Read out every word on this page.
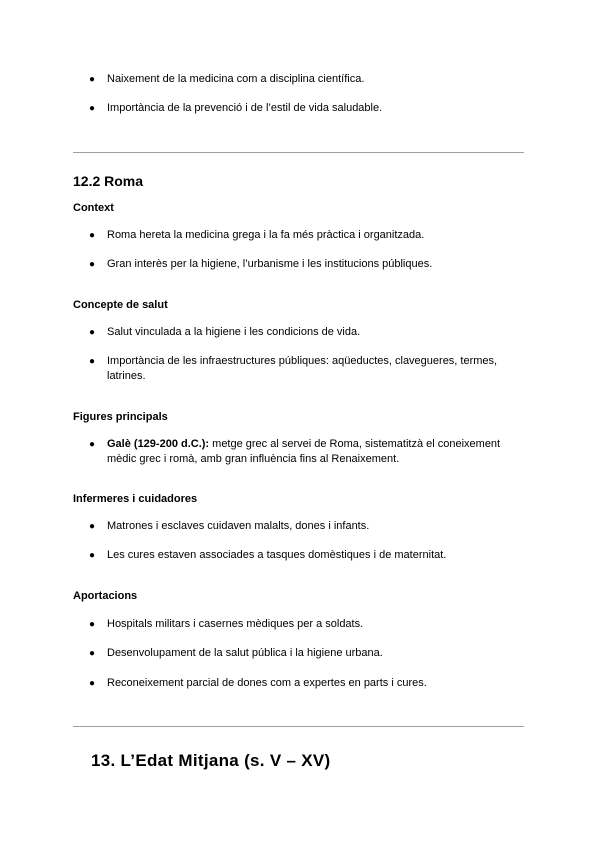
● Naixement de la medicina com a disciplina científica.
● Importància de la prevenció i de l’estil de vida saludable.
12.2 Roma
Context
● Roma hereta la medicina grega i la fa més pràctica i organitzada.
● Gran interès per la higiene, l’urbanisme i les institucions públiques.
Concepte de salut
● Salut vinculada a la higiene i les condicions de vida.
● Importància de les infraestructures públiques: aqüeductes, clavegueres, termes, latrines.
Figures principals
● Galè (129-200 d.C.): metge grec al servei de Roma, sistematitzà el coneixement mèdic grec i romà, amb gran influència fins al Renaixement.
Infermeres i cuidadores
● Matrones i esclaves cuidaven malalts, dones i infants.
● Les cures estaven associades a tasques domèstiques i de maternitat.
Aportacions
● Hospitals militars i casernes mèdiques per a soldats.
● Desenvolupament de la salut pública i la higiene urbana.
● Reconeixement parcial de dones com a expertes en parts i cures.
13. L’Edat Mitjana (s. V – XV)
